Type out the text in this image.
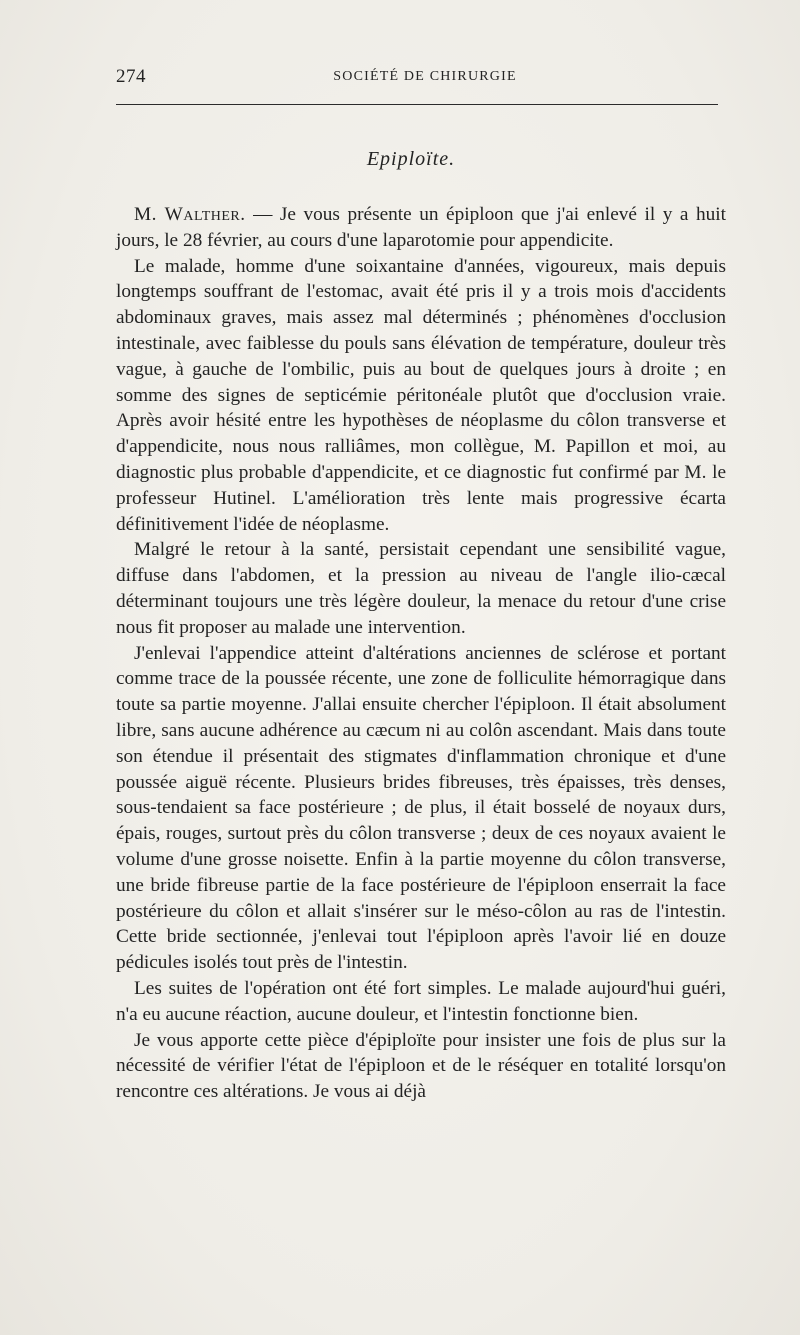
274	SOCIÉTÉ DE CHIRURGIE
Epiploïte.

M. Walther. — Je vous présente un épiploon que j'ai enlevé il y a huit jours, le 28 février, au cours d'une laparotomie pour appendicite.

Le malade, homme d'une soixantaine d'années, vigoureux, mais depuis longtemps souffrant de l'estomac, avait été pris il y a trois mois d'accidents abdominaux graves, mais assez mal déterminés ; phénomènes d'occlusion intestinale, avec faiblesse du pouls sans élévation de température, douleur très vague, à gauche de l'ombilic, puis au bout de quelques jours à droite ; en somme des signes de septicémie péritonéale plutôt que d'occlusion vraie. Après avoir hésité entre les hypothèses de néoplasme du côlon transverse et d'appendicite, nous nous ralliâmes, mon collègue, M. Papillon et moi, au diagnostic plus probable d'appendicite, et ce diagnostic fut confirmé par M. le professeur Hutinel. L'amélioration très lente mais progressive écarta définitivement l'idée de néoplasme.

Malgré le retour à la santé, persistait cependant une sensibilité vague, diffuse dans l'abdomen, et la pression au niveau de l'angle ilio-cæcal déterminant toujours une très légère douleur, la menace du retour d'une crise nous fit proposer au malade une intervention.

J'enlevai l'appendice atteint d'altérations anciennes de sclérose et portant comme trace de la poussée récente, une zone de folliculite hémorragique dans toute sa partie moyenne. J'allai ensuite chercher l'épiploon. Il était absolument libre, sans aucune adhérence au cæcum ni au colôn ascendant. Mais dans toute son étendue il présentait des stigmates d'inflammation chronique et d'une poussée aiguë récente. Plusieurs brides fibreuses, très épaisses, très denses, sous-tendaient sa face postérieure ; de plus, il était bosselé de noyaux durs, épais, rouges, surtout près du côlon transverse ; deux de ces noyaux avaient le volume d'une grosse noisette. Enfin à la partie moyenne du côlon transverse, une bride fibreuse partie de la face postérieure de l'épiploon enserrait la face postérieure du côlon et allait s'insérer sur le méso-côlon au ras de l'intestin. Cette bride sectionnée, j'enlevai tout l'épiploon après l'avoir lié en douze pédicules isolés tout près de l'intestin.

Les suites de l'opération ont été fort simples. Le malade aujourd'hui guéri, n'a eu aucune réaction, aucune douleur, et l'intestin fonctionne bien.

Je vous apporte cette pièce d'épiploïte pour insister une fois de plus sur la nécessité de vérifier l'état de l'épiploon et de le réséquer en totalité lorsqu'on rencontre ces altérations. Je vous ai déjà
